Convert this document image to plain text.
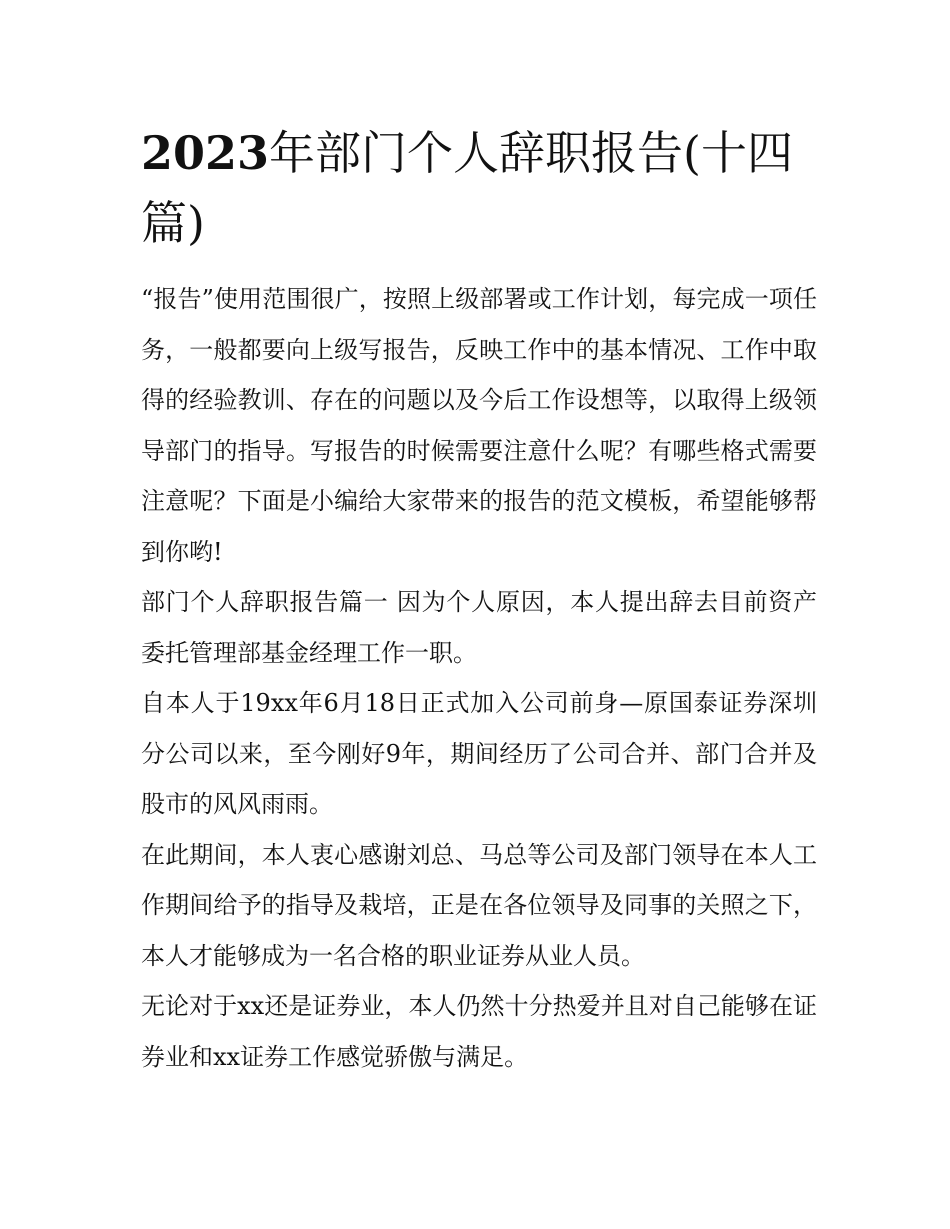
2023年部门个人辞职报告(十四篇)

“报告”使用范围很广，按照上级部署或工作计划，每完成一项任务，一般都要向上级写报告，反映工作中的基本情况、工作中取得的经验教训、存在的问题以及今后工作设想等，以取得上级领导部门的指导。写报告的时候需要注意什么呢？有哪些格式需要注意呢？下面是小编给大家带来的报告的范文模板，希望能够帮到你哟!

部门个人辞职报告篇一 因为个人原因，本人提出辞去目前资产委托管理部基金经理工作一职。

自本人于19xx年6月18日正式加入公司前身—原国泰证券深圳分公司以来，至今刚好9年，期间经历了公司合并、部门合并及股市的风风雨雨。

在此期间，本人衷心感谢刘总、马总等公司及部门领导在本人工作期间给予的指导及栽培，正是在各位领导及同事的关照之下，本人才能够成为一名合格的职业证券从业人员。

无论对于xx还是证券业，本人仍然十分热爱并且对自己能够在证券业和xx证券工作感觉骄傲与满足。
